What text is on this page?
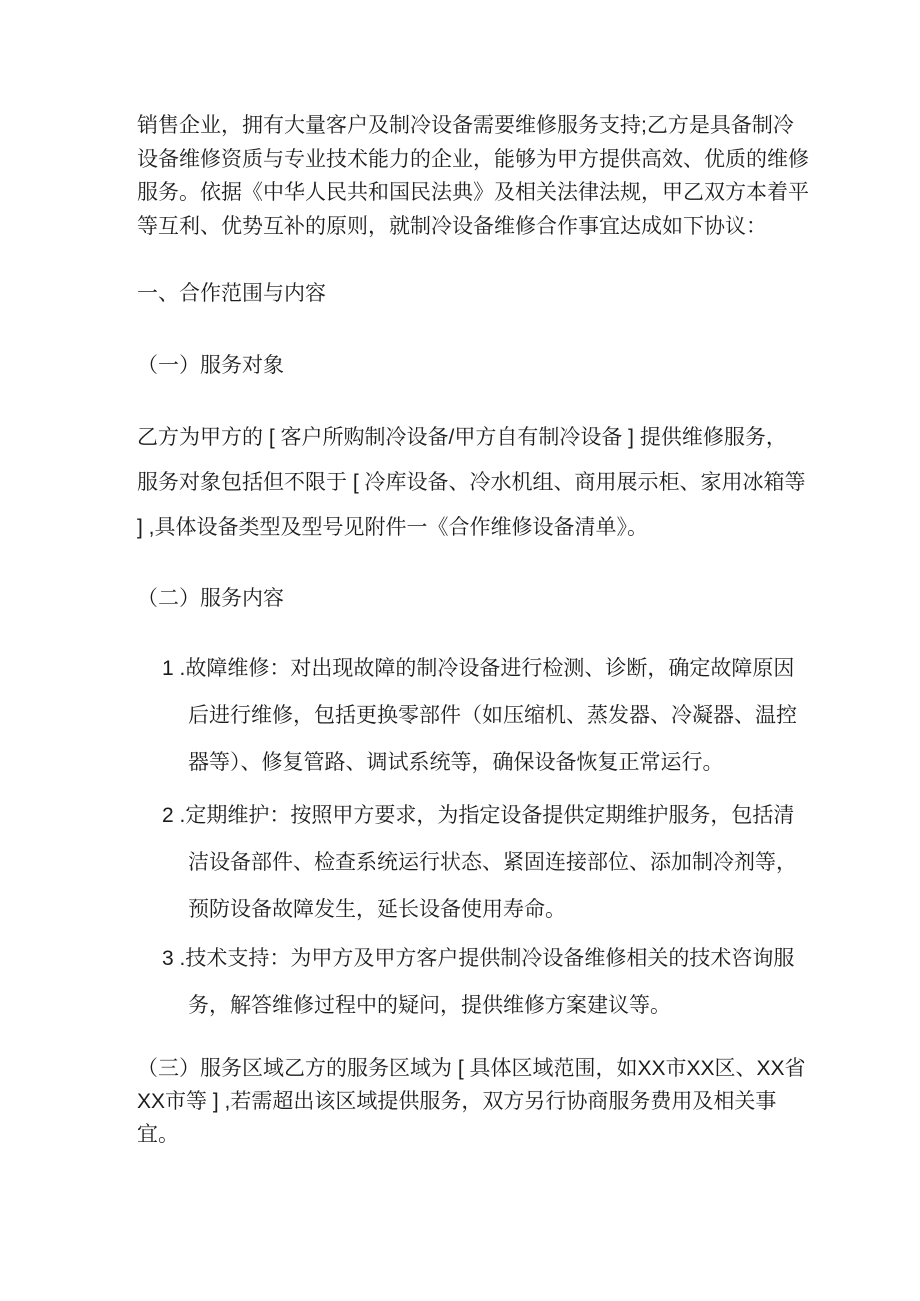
销售企业，拥有大量客户及制冷设备需要维修服务支持;乙方是具备制冷
设备维修资质与专业技术能力的企业，能够为甲方提供高效、优质的维修
服务。依据《中华人民共和国民法典》及相关法律法规，甲乙双方本着平
等互利、优势互补的原则，就制冷设备维修合作事宜达成如下协议：
一、合作范围与内容
（一）服务对象
乙方为甲方的 [ 客户所购制冷设备/甲方自有制冷设备 ] 提供维修服务，
服务对象包括但不限于 [ 冷库设备、冷水机组、商用展示柜、家用冰箱等
] ,具体设备类型及型号见附件一《合作维修设备清单》。
（二）服务内容
1 .故障维修：对出现故障的制冷设备进行检测、诊断，确定故障原因
后进行维修，包括更换零部件（如压缩机、蒸发器、冷凝器、温控
器等）、修复管路、调试系统等，确保设备恢复正常运行。
2 .定期维护：按照甲方要求，为指定设备提供定期维护服务，包括清
洁设备部件、检查系统运行状态、紧固连接部位、添加制冷剂等，
预防设备故障发生，延长设备使用寿命。
3 .技术支持：为甲方及甲方客户提供制冷设备维修相关的技术咨询服
务，解答维修过程中的疑问，提供维修方案建议等。
（三）服务区域乙方的服务区域为 [ 具体区域范围，如XX市XX区、XX省
XX市等 ] ,若需超出该区域提供服务，双方另行协商服务费用及相关事
宜。
